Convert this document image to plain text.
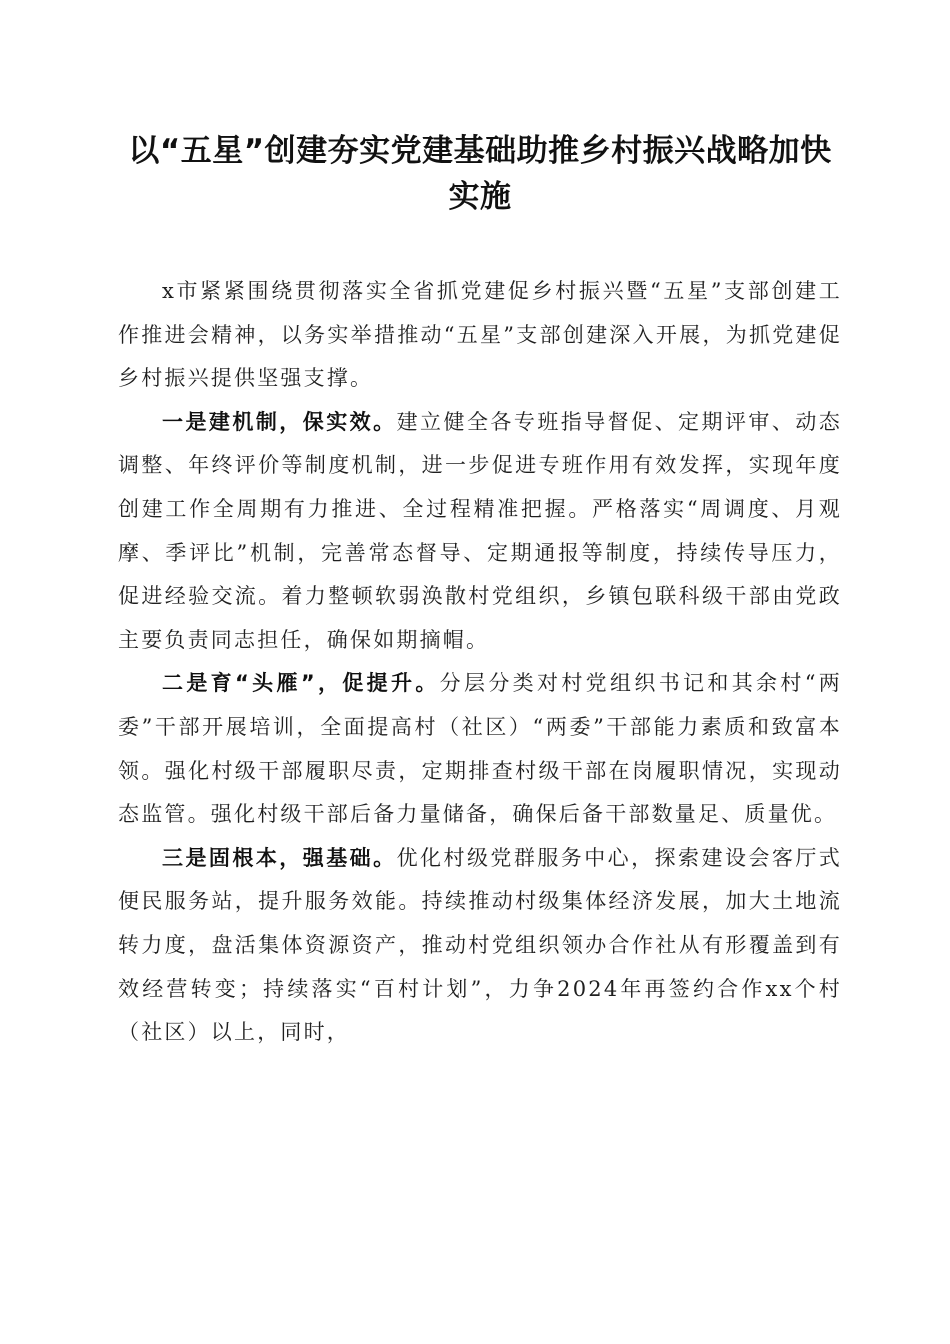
以“五星”创建夯实党建基础助推乡村振兴战略加快实施

x市紧紧围绕贯彻落实全省抓党建促乡村振兴暨“五星”支部创建工作推进会精神，以务实举措推动“五星”支部创建深入开展，为抓党建促乡村振兴提供坚强支撑。

一是建机制，保实效。建立健全各专班指导督促、定期评审、动态调整、年终评价等制度机制，进一步促进专班作用有效发挥，实现年度创建工作全周期有力推进、全过程精准把握。严格落实“周调度、月观摩、季评比”机制，完善常态督导、定期通报等制度，持续传导压力，促进经验交流。着力整顿软弱涣散村党组织，乡镇包联科级干部由党政主要负责同志担任，确保如期摘帽。

二是育“头雁”，促提升。分层分类对村党组织书记和其余村“两委”干部开展培训，全面提高村（社区）“两委”干部能力素质和致富本领。强化村级干部履职尽责，定期排查村级干部在岗履职情况，实现动态监管。强化村级干部后备力量储备，确保后备干部数量足、质量优。

三是固根本，强基础。优化村级党群服务中心，探索建设会客厅式便民服务站，提升服务效能。持续推动村级集体经济发展，加大土地流转力度，盘活集体资源资产，推动村党组织领办合作社从有形覆盖到有效经营转变；持续落实“百村计划”，力争2024年再签约合作xx个村（社区）以上，同时，
